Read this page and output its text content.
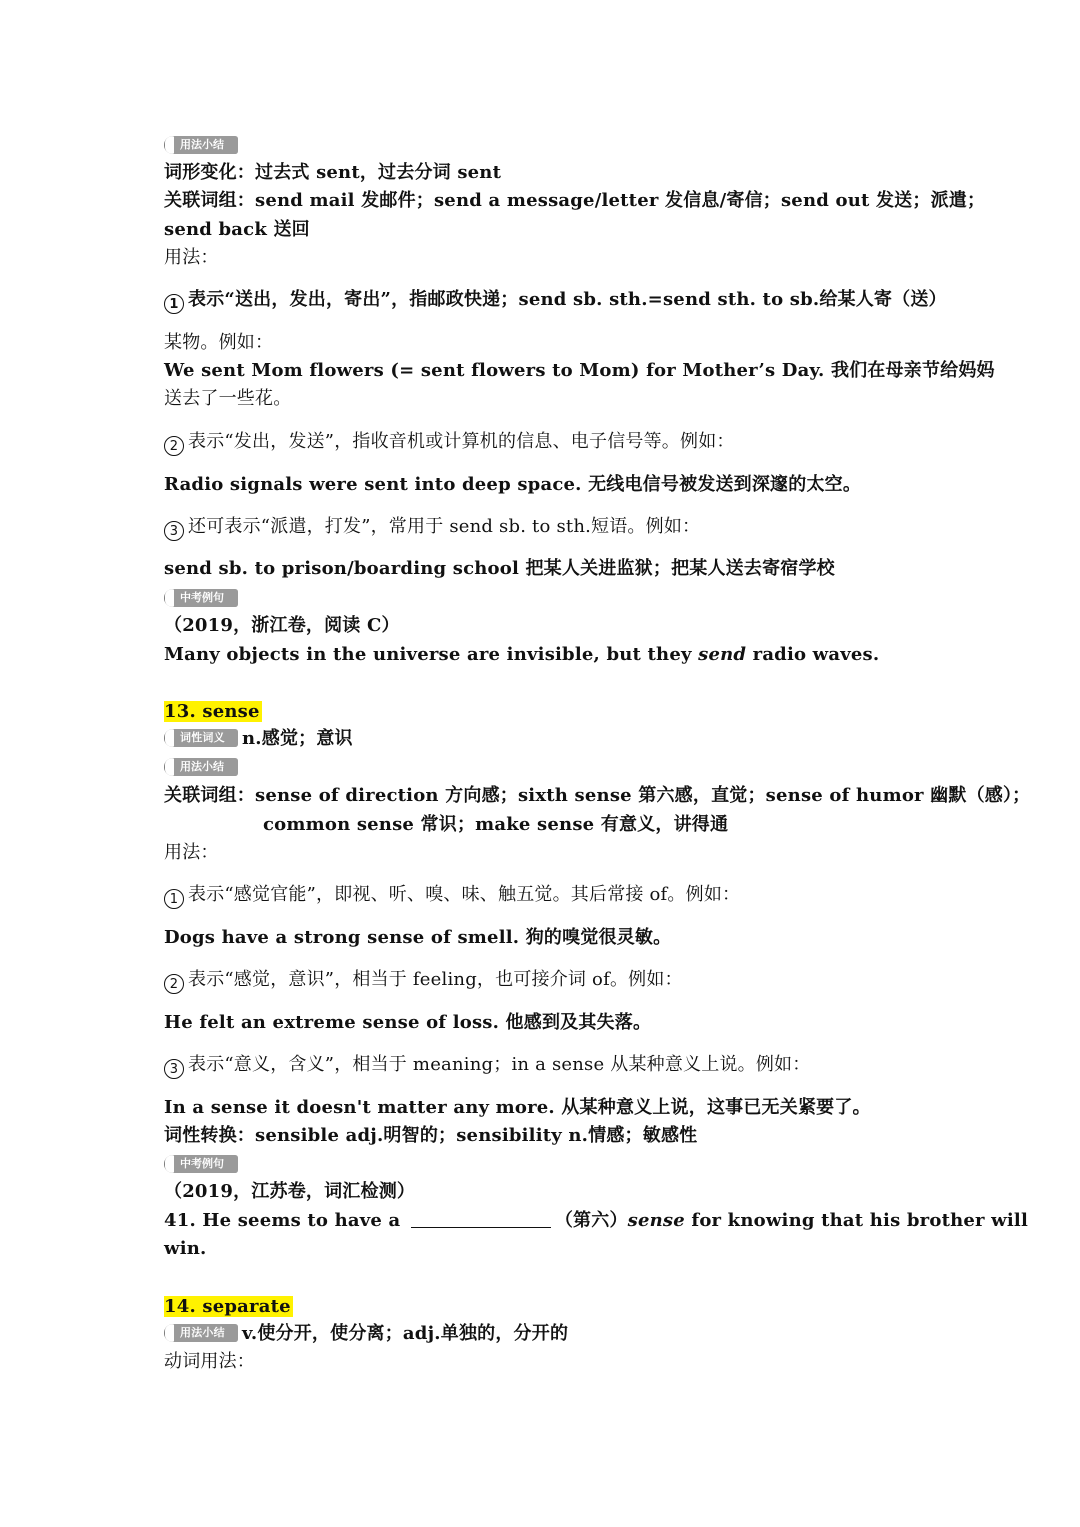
用法小结
词形变化：过去式 sent，过去分词 sent
关联词组：send mail 发邮件；send a message/letter 发信息/寄信；send out 发送；派遣；
send back 送回
用法：
1 表示“送出，发出，寄出”，指邮政快递；send sb. sth.=send sth. to sb.给某人寄（送）
某物。例如：
We sent Mom flowers (= sent flowers to Mom) for Mother’s Day. 我们在母亲节给妈妈
送去了一些花。
2 表示“发出，发送”，指收音机或计算机的信息、电子信号等。例如：
Radio signals were sent into deep space. 无线电信号被发送到深邃的太空。
3 还可表示“派遣，打发”，常用于 send sb. to sth.短语。例如：
send sb. to prison/boarding school 把某人关进监狱；把某人送去寄宿学校
中考例句
（2019，浙江卷，阅读 C）
Many objects in the universe are invisible, but they send radio waves.
13. sense
词性词义 n.感觉；意识
用法小结
关联词组：sense of direction 方向感；sixth sense 第六感，直觉；sense of humor 幽默（感）；
common sense 常识；make sense 有意义，讲得通
用法：
1 表示“感觉官能”，即视、听、嗅、味、触五觉。其后常接 of。例如：
Dogs have a strong sense of smell. 狗的嗅觉很灵敏。
2 表示“感觉，意识”，相当于 feeling，也可接介词 of。例如：
He felt an extreme sense of loss. 他感到及其失落。
3 表示“意义，含义”，相当于 meaning；in a sense 从某种意义上说。例如：
In a sense it doesn't matter any more. 从某种意义上说，这事已无关紧要了。
词性转换：sensible adj.明智的；sensibility n.情感；敏感性
中考例句
（2019，江苏卷，词汇检测）
41. He seems to have a	（第六）sense for knowing that his brother will
win.
14. separate
用法小结 v.使分开，使分离；adj.单独的，分开的
动词用法：
